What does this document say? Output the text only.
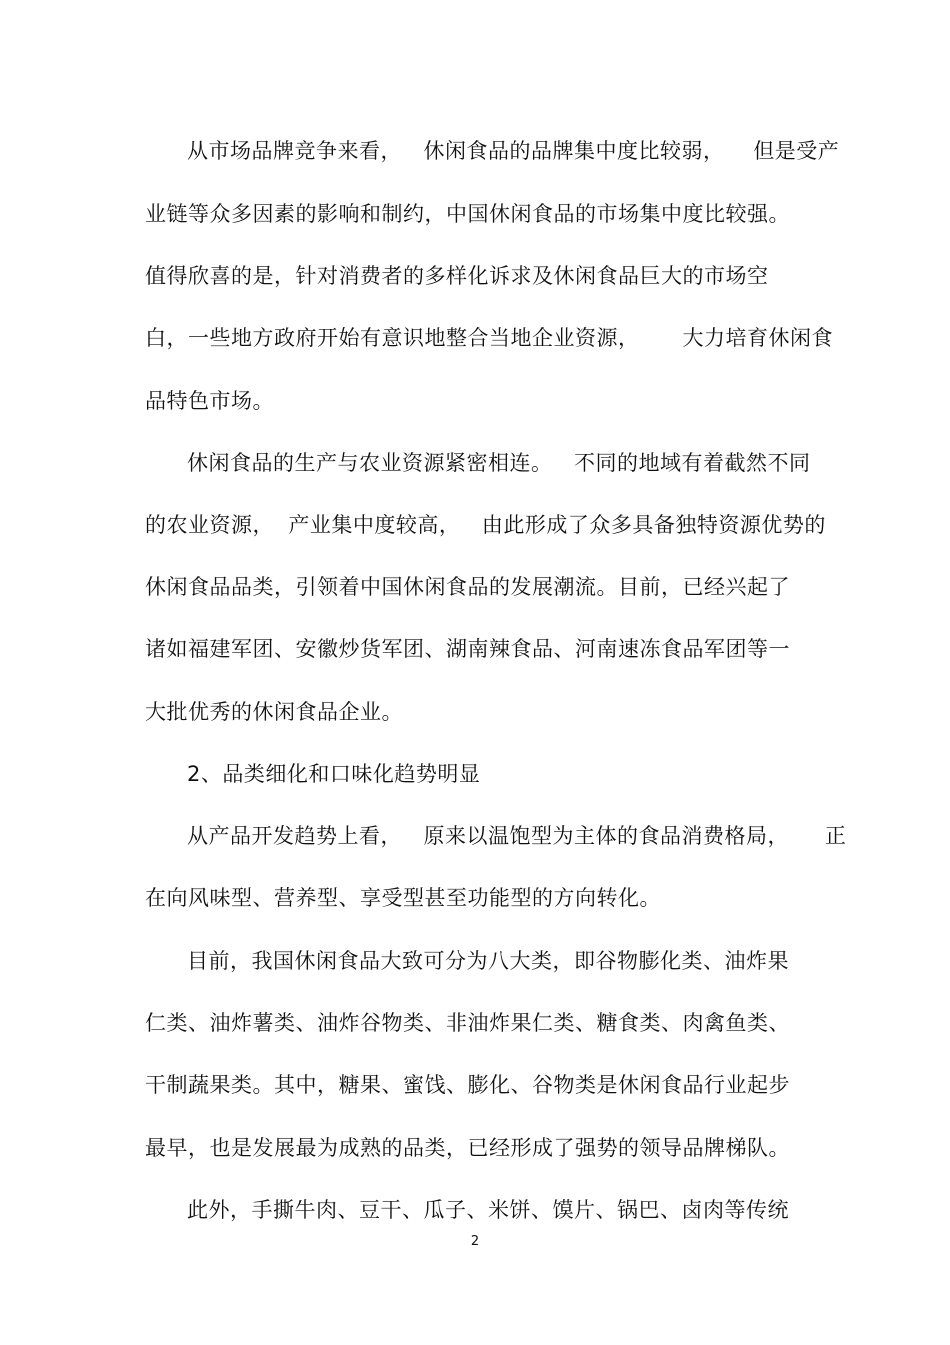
从市场品牌竞争来看，   休闲食品的品牌集中度比较弱，    但是受产
业链等众多因素的影响和制约，中国休闲食品的市场集中度比较强。
值得欣喜的是，针对消费者的多样化诉求及休闲食品巨大的市场空
白，一些地方政府开始有意识地整合当地企业资源，      大力培育休闲食
品特色市场。
休闲食品的生产与农业资源紧密相连。   不同的地域有着截然不同
的农业资源，  产业集中度较高，   由此形成了众多具备独特资源优势的
休闲食品品类，引领着中国休闲食品的发展潮流。目前，已经兴起了
诸如福建军团、安徽炒货军团、湖南辣食品、河南速冻食品军团等一
大批优秀的休闲食品企业。
2、品类细化和口味化趋势明显
从产品开发趋势上看，   原来以温饱型为主体的食品消费格局，     正
在向风味型、营养型、享受型甚至功能型的方向转化。
目前，我国休闲食品大致可分为八大类，即谷物膨化类、油炸果
仁类、油炸薯类、油炸谷物类、非油炸果仁类、糖食类、肉禽鱼类、
干制蔬果类。其中，糖果、蜜饯、膨化、谷物类是休闲食品行业起步
最早，也是发展最为成熟的品类，已经形成了强势的领导品牌梯队。
此外，手撕牛肉、豆干、瓜子、米饼、馍片、锅巴、卤肉等传统
2
